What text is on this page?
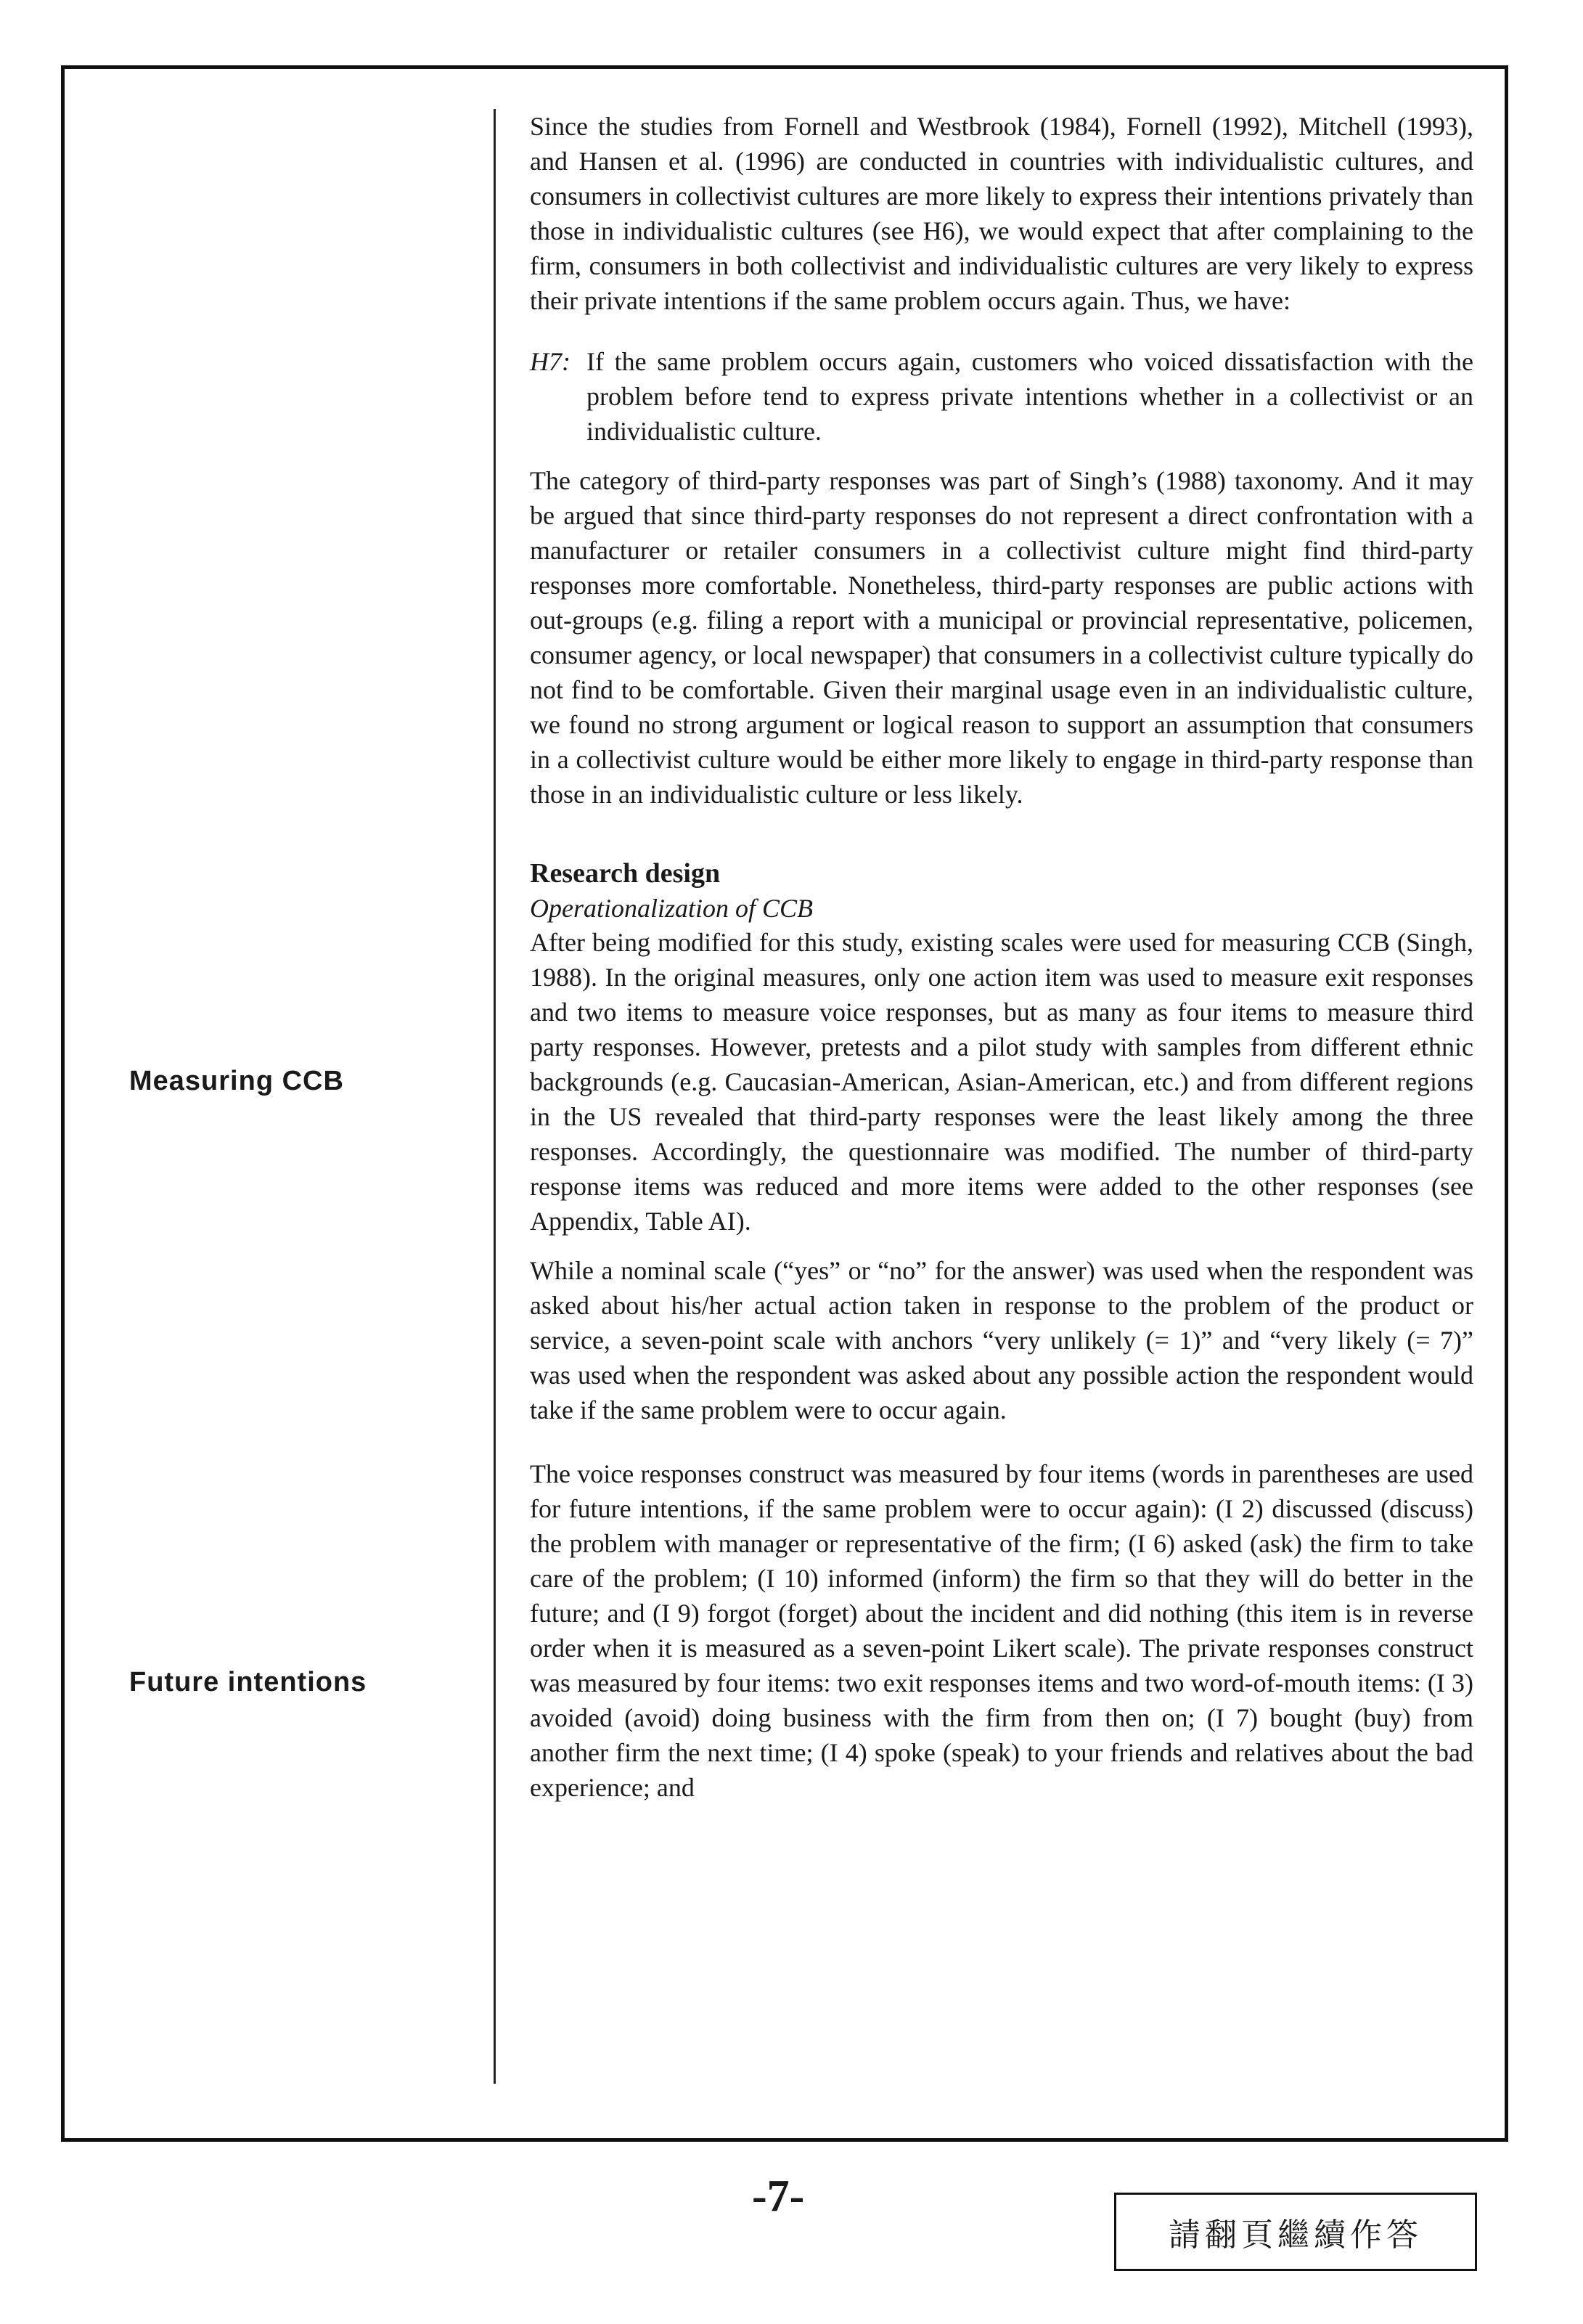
Measuring CCB
Future intentions

Since the studies from Fornell and Westbrook (1984), Fornell (1992), Mitchell (1993), and Hansen et al. (1996) are conducted in countries with individualistic cultures, and consumers in collectivist cultures are more likely to express their intentions privately than those in individualistic cultures (see H6), we would expect that after complaining to the firm, consumers in both collectivist and individualistic cultures are very likely to express their private intentions if the same problem occurs again. Thus, we have:

H7: If the same problem occurs again, customers who voiced dissatisfaction with the problem before tend to express private intentions whether in a collectivist or an individualistic culture.

The category of third-party responses was part of Singh’s (1988) taxonomy. And it may be argued that since third-party responses do not represent a direct confrontation with a manufacturer or retailer consumers in a collectivist culture might find third-party responses more comfortable. Nonetheless, third-party responses are public actions with out-groups (e.g. filing a report with a municipal or provincial representative, policemen, consumer agency, or local newspaper) that consumers in a collectivist culture typically do not find to be comfortable. Given their marginal usage even in an individualistic culture, we found no strong argument or logical reason to support an assumption that consumers in a collectivist culture would be either more likely to engage in third-party response than those in an individualistic culture or less likely.

Research design
Operationalization of CCB

After being modified for this study, existing scales were used for measuring CCB (Singh, 1988). In the original measures, only one action item was used to measure exit responses and two items to measure voice responses, but as many as four items to measure third party responses. However, pretests and a pilot study with samples from different ethnic backgrounds (e.g. Caucasian-American, Asian-American, etc.) and from different regions in the US revealed that third-party responses were the least likely among the three responses. Accordingly, the questionnaire was modified. The number of third-party response items was reduced and more items were added to the other responses (see Appendix, Table AI).

While a nominal scale (“yes” or “no” for the answer) was used when the respondent was asked about his/her actual action taken in response to the problem of the product or service, a seven-point scale with anchors “very unlikely (= 1)” and “very likely (= 7)” was used when the respondent was asked about any possible action the respondent would take if the same problem were to occur again.

The voice responses construct was measured by four items (words in parentheses are used for future intentions, if the same problem were to occur again): (I 2) discussed (discuss) the problem with manager or representative of the firm; (I 6) asked (ask) the firm to take care of the problem; (I 10) informed (inform) the firm so that they will do better in the future; and (I 9) forgot (forget) about the incident and did nothing (this item is in reverse order when it is measured as a seven-point Likert scale). The private responses construct was measured by four items: two exit responses items and two word-of-mouth items: (I 3) avoided (avoid) doing business with the firm from then on; (I 7) bought (buy) from another firm the next time; (I 4) spoke (speak) to your friends and relatives about the bad experience; and

-7-
請翻頁繼續作答
